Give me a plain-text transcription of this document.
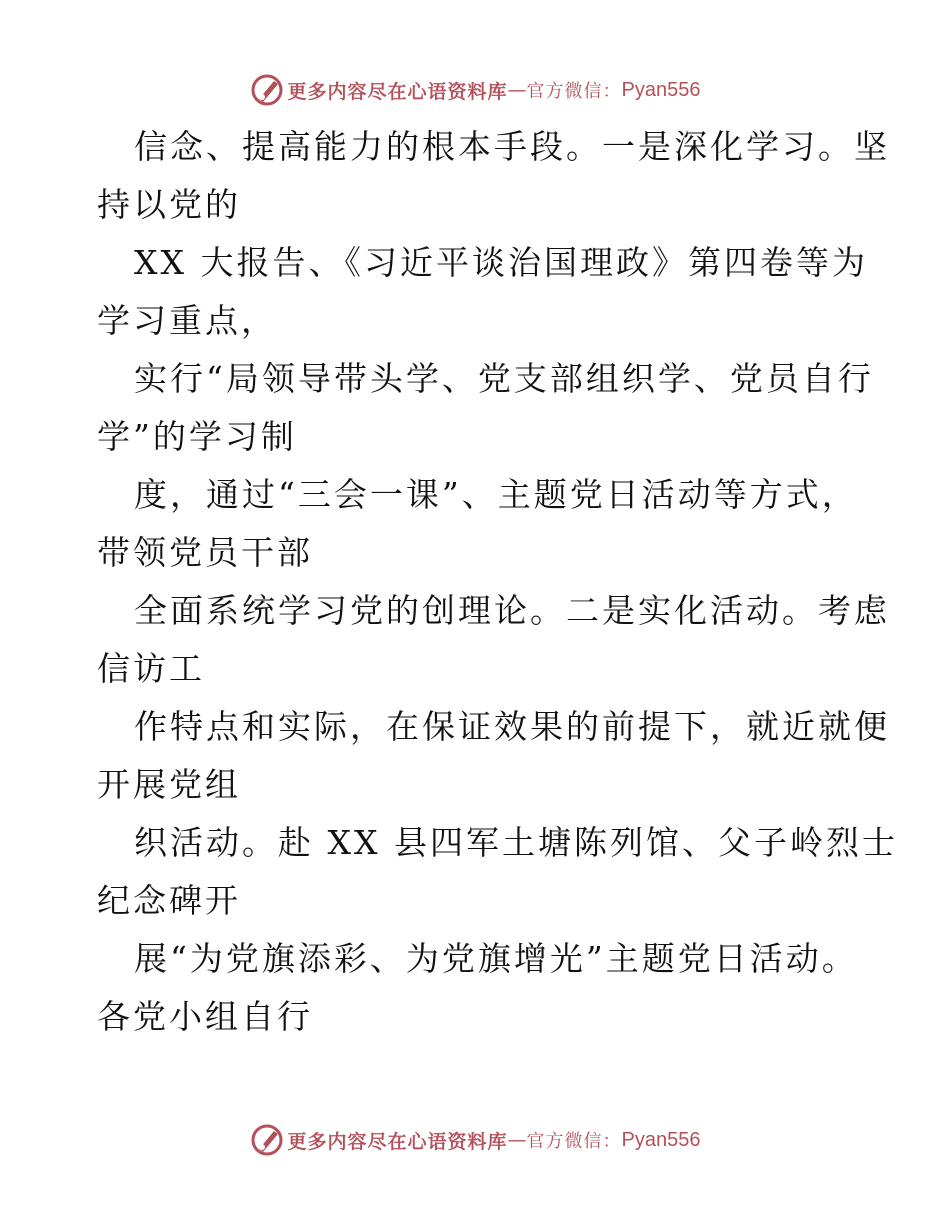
更多内容尽在心语资料库 — 官方微信： Pyan556
信念、提高能力的根本手段。一是深化学习。坚
持以党的
XX 大报告、《习近平谈治国理政》第四卷等为
学习重点，
实行“局领导带头学、党支部组织学、党员自行
学”的学习制
度，通过“三会一课”、主题党日活动等方式，
带领党员干部
全面系统学习党的创理论。二是实化活动。考虑
信访工
作特点和实际，在保证效果的前提下，就近就便
开展党组
织活动。赴 XX 县四军土塘陈列馆、父子岭烈士
纪念碑开
展“为党旗添彩、为党旗增光”主题党日活动。
各党小组自行
更多内容尽在心语资料库 — 官方微信： Pyan556
